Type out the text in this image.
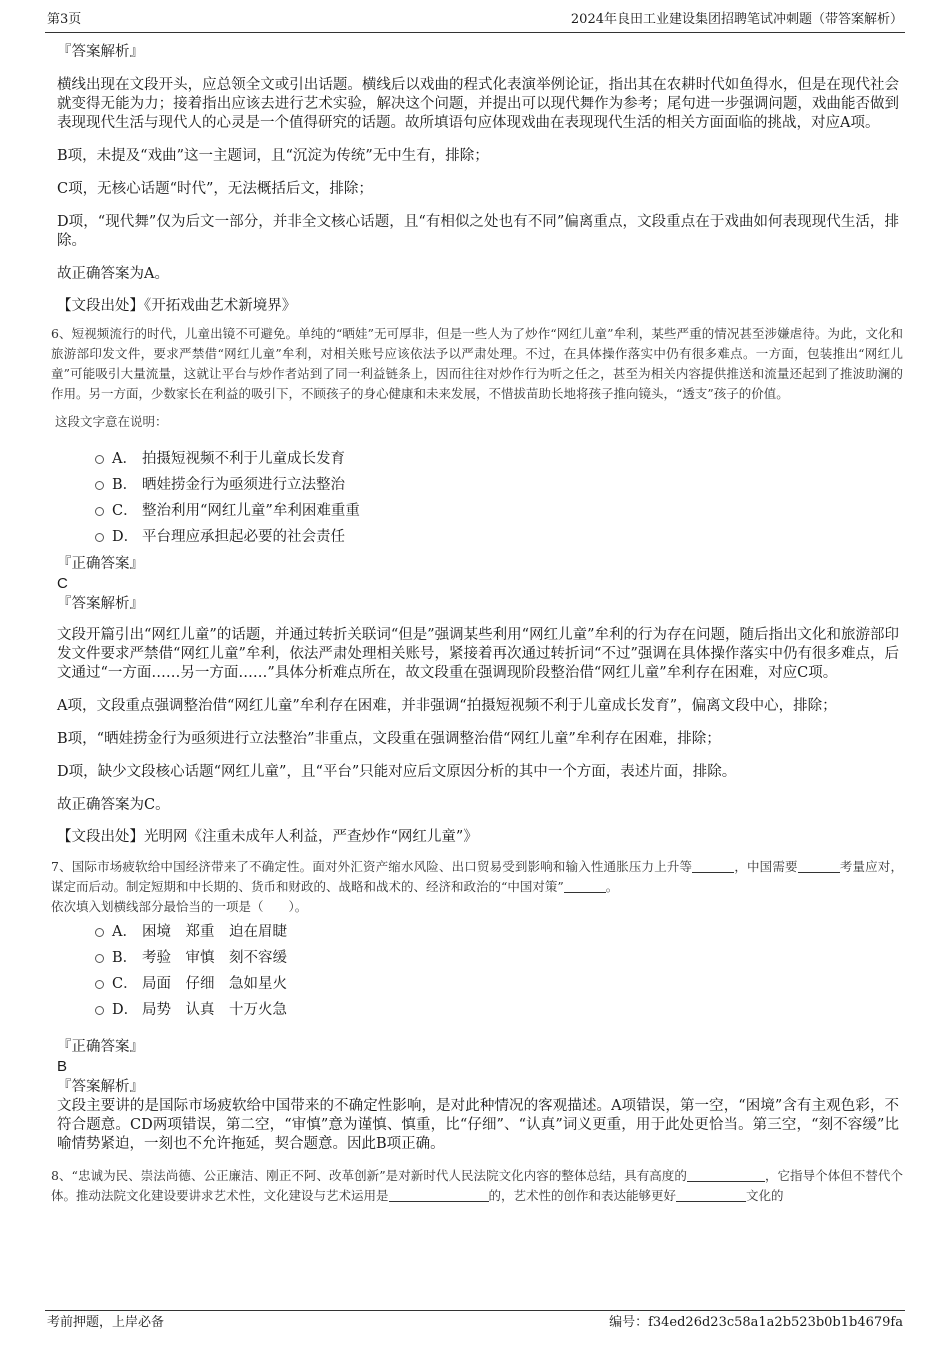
第3页	2024年良田工业建设集团招聘笔试冲刺题（带答案解析）
『答案解析』
横线出现在文段开头，应总领全文或引出话题。横线后以戏曲的程式化表演举例论证，指出其在农耕时代如鱼得水，但是在现代社会就变得无能为力；接着指出应该去进行艺术实验，解决这个问题，并提出可以现代舞作为参考；尾句进一步强调问题，戏曲能否做到表现现代生活与现代人的心灵是一个值得研究的话题。故所填语句应体现戏曲在表现现代生活的相关方面面临的挑战，对应A项。
B项，未提及“戏曲”这一主题词，且“沉淀为传统”无中生有，排除；
C项，无核心话题“时代”，无法概括后文，排除；
D项，“现代舞”仅为后文一部分，并非全文核心话题，且“有相似之处也有不同”偏离重点，文段重点在于戏曲如何表现现代生活，排除。
故正确答案为A。
【文段出处】《开拓戏曲艺术新境界》
6、短视频流行的时代，儿童出镜不可避免。单纯的“晒娃”无可厚非，但是一些人为了炒作“网红儿童”牟利，某些严重的情况甚至涉嫌虐待。为此，文化和旅游部印发文件，要求严禁借“网红儿童”牟利，对相关账号应该依法予以严肃处理。不过，在具体操作落实中仍有很多难点。一方面，包装推出“网红儿童”可能吸引大量流量，这就让平台与炒作者站到了同一利益链条上，因而往往对炒作行为听之任之，甚至为相关内容提供推送和流量还起到了推波助澜的作用。另一方面，少数家长在利益的吸引下，不顾孩子的身心健康和未来发展，不惜拔苗助长地将孩子推向镜头，“透支”孩子的价值。
这段文字意在说明：
A． 拍摄短视频不利于儿童成长发育
B． 晒娃捞金行为亟须进行立法整治
C． 整治利用“网红儿童”牟利困难重重
D． 平台理应承担起必要的社会责任
『正确答案』
C
『答案解析』
文段开篇引出“网红儿童”的话题，并通过转折关联词“但是”强调某些利用“网红儿童”牟利的行为存在问题，随后指出文化和旅游部印发文件要求严禁借“网红儿童”牟利，依法严肃处理相关账号，紧接着再次通过转折词“不过”强调在具体操作落实中仍有很多难点，后文通过“一方面……另一方面……”具体分析难点所在，故文段重在强调现阶段整治借“网红儿童”牟利存在困难，对应C项。
A项，文段重点强调整治借“网红儿童”牟利存在困难，并非强调“拍摄短视频不利于儿童成长发育”，偏离文段中心，排除；
B项，“晒娃捞金行为亟须进行立法整治”非重点，文段重在强调整治借“网红儿童”牟利存在困难，排除；
D项，缺少文段核心话题“网红儿童”，且“平台”只能对应后文原因分析的其中一个方面，表述片面，排除。
故正确答案为C。
【文段出处】光明网《注重未成年人利益，严查炒作“网红儿童”》
7、国际市场疲软给中国经济带来了不确定性。面对外汇资产缩水风险、出口贸易受到影响和输入性通胀压力上升等	，中国需要	考量应对，谋定而后动。制定短期和中长期的、货币和财政的、战略和战术的、经济和政治的“中国对策”	。
依次填入划横线部分最恰当的一项是（　　）。
A． 困境　郑重　迫在眉睫
B． 考验　审慎　刻不容缓
C． 局面　仔细　急如星火
D． 局势　认真　十万火急
『正确答案』
B
『答案解析』
文段主要讲的是国际市场疲软给中国带来的不确定性影响，是对此种情况的客观描述。A项错误，第一空，“困境”含有主观色彩，不符合题意。CD两项错误，第二空，“审慎”意为谨慎、慎重，比“仔细”、“认真”词义更重，用于此处更恰当。第三空，“刻不容缓”比喻情势紧迫，一刻也不允许拖延，契合题意。因此B项正确。
8、“忠诚为民、崇法尚德、公正廉洁、刚正不阿、改革创新”是对新时代人民法院文化内容的整体总结，具有高度的	，它指导个体但不替代个体。推动法院文化建设要讲求艺术性，文化建设与艺术运用是	的，艺术性的创作和表达能够更好	文化的
考前押题，上岸必备	编号：f34ed26d23c58a1a2b523b0b1b4679fa
